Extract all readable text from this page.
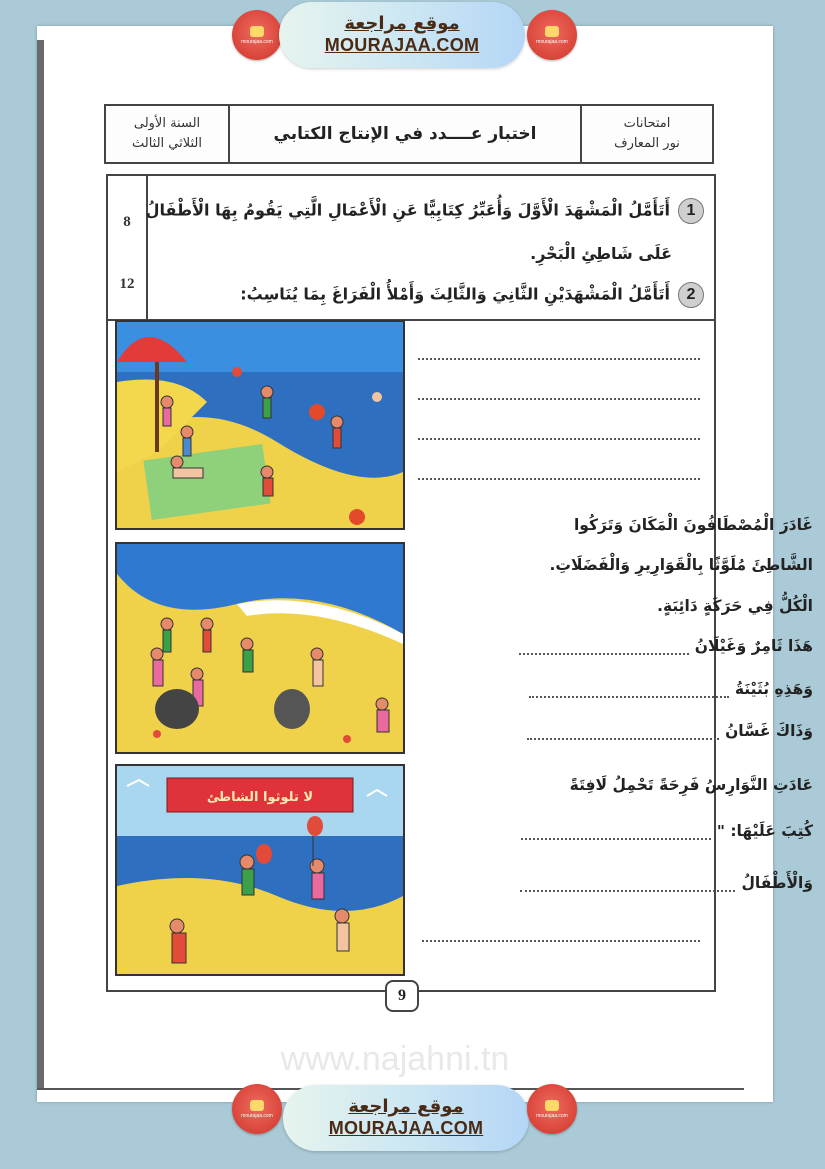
mourajaa.com
موقع مراجعة
MOURAJAA.COM	mourajaa.com
السنة الأولى
الثلاثي الثالث	اختبار عــــدد في الإنتاج الكتابي
امتحانات
نور المعارف
8
12
1أَتَأَمَّلُ الْمَشْهَدَ الْأَوَّلَ وَأُعَبِّرُ كِتَابِيًّا عَنِ الْأَعْمَالِ الَّتِي يَقُومُ بِهَا الْأَطْفَالُ
عَلَى شَاطِئِ الْبَحْرِ.
2أَتَأَمَّلُ الْمَشْهَدَيْنِ الثَّانِيَ وَالثَّالِثَ وَأَمْلأُ الْفَرَاغَ بِمَا يُنَاسِبُ:
غَادَرَ الْمُصْطَافُونَ الْمَكَانَ وَتَرَكُوا
الشَّاطِئَ مُلَوَّثًا بِالْقَوَارِيرِ وَالْفَضَلَاتِ.
الْكُلُّ فِي حَرَكَةٍ دَائِبَةٍ.
هَذَا ثَامِرٌ وَغَيْلَانُ
وَهَذِهِ بُثَيْنَةُ
وَذَاكَ غَسَّانُ
لا تلوثوا الشاطئ
عَادَتِ النَّوَارِسُ فَرِحَةً تَحْمِلُ لَافِتَةً
كُتِبَ عَلَيْهَا: "
وَالْأَطْفَالُ
9
www.najahni.tn
mourajaa.com	موقع مراجعة
MOURAJAA.COM
mourajaa.com
